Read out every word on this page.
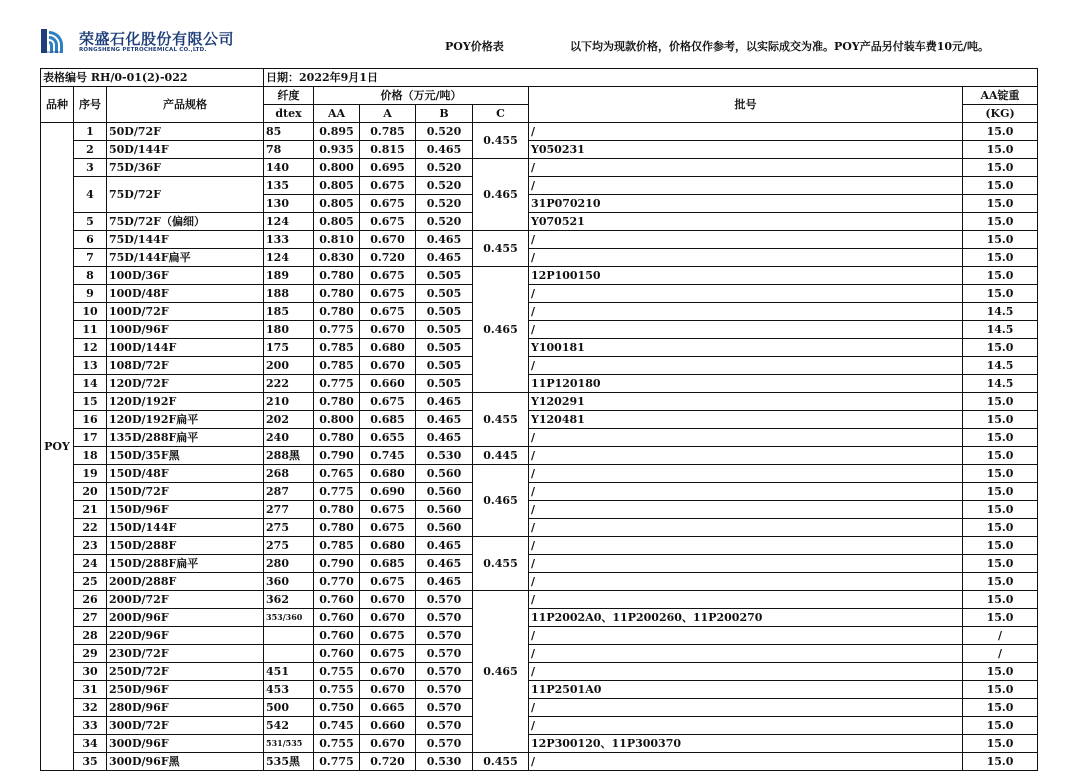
RONGSHENG
荣盛石化股份有限公司
RONGSHENG PETROCHEMICAL CO.,LTD.	POY价格表	以下均为现款价格，价格仅作参考，以实际成交为准。POY产品另付装车费10元/吨。
表格编号 RH/0-01(2)-022			日期：2022年9月1日						
品种	序号	产品规格	纤度	价格（万元/吨）				批号	AA锭重
			dtex	AA	A	B	C		(KG)
POY	1	50D/72F	85	0.895	0.785	0.520	0.455	/	15.0
	2	50D/144F	78	0.935	0.815	0.465		Y050231	15.0
	3	75D/36F	140	0.800	0.695	0.520	0.465	/	15.0
	4	75D/72F	135	0.805	0.675	0.520		/	15.0
			130	0.805	0.675	0.520		31P070210	15.0
	5	75D/72F（偏细）	124	0.805	0.675	0.520		Y070521	15.0
	6	75D/144F	133	0.810	0.670	0.465	0.455	/	15.0
	7	75D/144F扁平	124	0.830	0.720	0.465		/	15.0
	8	100D/36F	189	0.780	0.675	0.505	0.465	12P100150	15.0
	9	100D/48F	188	0.780	0.675	0.505		/	15.0
	10	100D/72F	185	0.780	0.675	0.505		/	14.5
	11	100D/96F	180	0.775	0.670	0.505		/	14.5
	12	100D/144F	175	0.785	0.680	0.505		Y100181	15.0
	13	108D/72F	200	0.785	0.670	0.505		/	14.5
	14	120D/72F	222	0.775	0.660	0.505		11P120180	14.5
	15	120D/192F	210	0.780	0.675	0.465	0.455	Y120291	15.0
	16	120D/192F扁平	202	0.800	0.685	0.465		Y120481	15.0
	17	135D/288F扁平	240	0.780	0.655	0.465		/	15.0
	18	150D/35F黑	288黑	0.790	0.745	0.530	0.445	/	15.0
	19	150D/48F	268	0.765	0.680	0.560	0.465	/	15.0
	20	150D/72F	287	0.775	0.690	0.560		/	15.0
	21	150D/96F	277	0.780	0.675	0.560		/	15.0
	22	150D/144F	275	0.780	0.675	0.560		/	15.0
	23	150D/288F	275	0.785	0.680	0.465	0.455	/	15.0
	24	150D/288F扁平	280	0.790	0.685	0.465		/	15.0
	25	200D/288F	360	0.770	0.675	0.465		/	15.0
	26	200D/72F	362	0.760	0.670	0.570	0.465	/	15.0
	27	200D/96F	353/360	0.760	0.670	0.570		11P2002A0、11P200260、11P200270	15.0
	28	220D/96F		0.760	0.675	0.570		/	/
	29	230D/72F		0.760	0.675	0.570		/	/
	30	250D/72F	451	0.755	0.670	0.570		/	15.0
	31	250D/96F	453	0.755	0.670	0.570		11P2501A0	15.0
	32	280D/96F	500	0.750	0.665	0.570		/	15.0
	33	300D/72F	542	0.745	0.660	0.570		/	15.0
	34	300D/96F	531/535	0.755	0.670	0.570		12P300120、11P300370	15.0
	35	300D/96F黑	535黑	0.775	0.720	0.530	0.455	/	15.0
